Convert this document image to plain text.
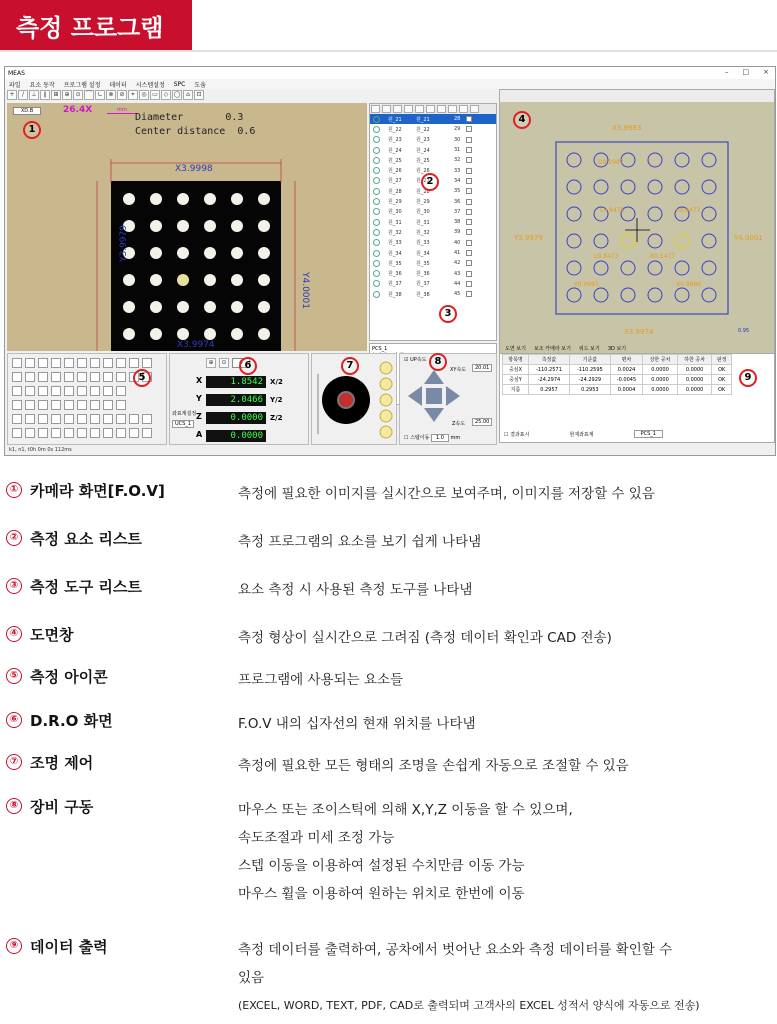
측정 프로그램
MEAS	– □ ×
파일 요소 동작 프로그램 설정 데이터 시스템설정 SPC 도움
+	/	⊥	∥	⊞ ⊕ ⊙ ⌒ ∟ ⊗ ⊘	⌖	◎ ▭ ◇ ◯ ⌂	⊡
XD.B	26.4X	mm
Diameter	0.3
Center distance 0.6
X3.9998
Y3.9979
Y4.0001
X3.9974
원_21	원_21	28
원_22	원_22	29
원_23	원_23	30
원_24	원_24	31
원_25	원_25	32
원_26	원_26	33
원_27	원_27	34
원_28	원_28	35
원_29	원_29	36
원_30	원_30	37
원_31	원_31	38
원_32	원_32	39
원_33	원_33	40
원_34	원_34	41
원_35	원_35	42
원_36	원_36	43
원_37	원_37	44
원_38	원_38	45
PCS_1
X3.9983
Y3.9979	Y4.0001
X3.9974
D0.2987
L0.8475	L0.8477
L0.8473	R0.5477
Y0.9993	X0.9986
0.95
도면 보기 보조 카메라 보기 위드 보기 3D 보기
항목명	측정값	기준값	편차	상한 공차	하한 공차	판정
중심X	-110.2571	-110.2595	0.0024	0.0000	0.0000	OK
중심Y	-24.2974	-24.2929	-0.0045	0.0000	0.0000	OK
지름	0.2957	0.2953	0.0004	0.0000	0.0000	OK
☐ 결과표시	현재좌표계	PCS_1
⊕	⊙	4
X	1.8542	X/2
Y	2.0466	Y/2
Z	0.0000	Z/2
A	0.0000
좌표계설정
UCS_1
☑ UP속도
XY속도	20.01
Z속도	25.00
☐ 스텝이동 1.0 mm
k1, n1, t0h 0m 0s 112ms
1
2
3
4
5
6	7	8
9
① 카메라 화면[F.O.V]	측정에 필요한 이미지를 실시간으로 보여주며, 이미지를 저장할 수 있음
② 측정 요소 리스트	측정 프로그램의 요소를 보기 쉽게 나타냄
③ 측정 도구 리스트	요소 측정 시 사용된 측정 도구를 나타냄
④ 도면창	측정 형상이 실시간으로 그려짐 (측정 데이터 확인과 CAD 전송)
⑤ 측정 아이콘	프로그램에 사용되는 요소들
⑥ D.R.O 화면	F.O.V 내의 십자선의 현재 위치를 나타냄
⑦ 조명 제어	측정에 필요한 모든 형태의 조명을 손쉽게 자동으로 조절할 수 있음
⑧ 장비 구동	마우스 또는 조이스틱에 의해 X,Y,Z 이동을 할 수 있으며,
속도조절과 미세 조정 가능
스텝 이동을 이용하여 설정된 수치만큼 이동 가능
마우스 휠을 이용하여 원하는 위치로 한번에 이동
⑨ 데이터 출력	측정 데이터를 출력하여, 공차에서 벗어난 요소와 측정 데이터를 확인할 수
있음
(EXCEL, WORD, TEXT, PDF, CAD로 출력되며 고객사의 EXCEL 성적서 양식에 자동으로 전송)
